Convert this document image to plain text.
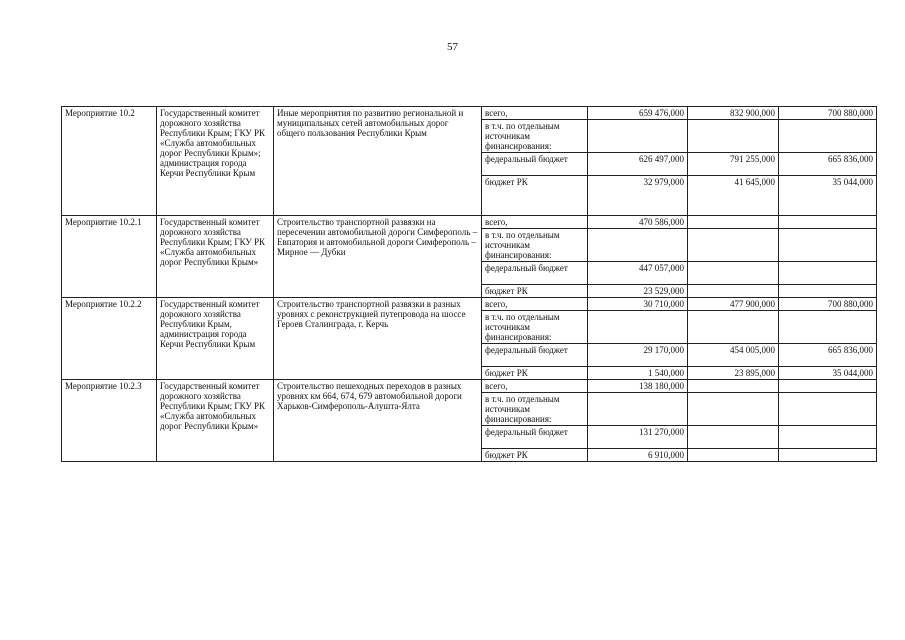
57
Мероприятие 10.2	Государственный комитет дорожного хозяйства Республики Крым; ГКУ РК «Служба автомобильных дорог Республики Крым»; администрация города Керчи Республики Крым	Иные мероприятия по развитию региональной и муниципальных сетей автомобильных дорог общего пользования Республики Крым	всего,	659 476,000	832 900,000	700 880,000
			в т.ч. по отдельным источникам финансирования:			
			федеральный бюджет	626 497,000	791 255,000	665 836,000
			бюджет РК	32 979,000	41 645,000	35 044,000
Мероприятие 10.2.1	Государственный комитет дорожного хозяйства Республики Крым; ГКУ РК «Служба автомобильных дорог Республики Крым»	Строительство транспортной развязки на пересечении автомобильной дороги Симферополь – Евпатория и автомобильной дороги Симферополь – Мирное — Дубки	всего,	470 586,000		
			в т.ч. по отдельным источникам финансирования:			
			федеральный бюджет	447 057,000		
			бюджет РК	23 529,000		
Мероприятие 10.2.2	Государственный комитет дорожного хозяйства Республики Крым, администрация города Керчи Республики Крым	Строительство транспортной развязки в разных уровнях с реконструкцией путепровода на шоссе Героев Сталинграда, г. Керчь	всего,	30 710,000	477 900,000	700 880,000
			в т.ч. по отдельным источникам финансирования:			
			федеральный бюджет	29 170,000	454 005,000	665 836,000
			бюджет РК	1 540,000	23 895,000	35 044,000
Мероприятие 10.2.3	Государственный комитет дорожного хозяйства Республики Крым; ГКУ РК «Служба автомобильных дорог Республики Крым»	Строительство пешеходных переходов в разных уровнях км 664, 674, 679 автомобильной дороги Харьков-Симферополь-Алушта-Ялта	всего,	138 180,000		
			в т.ч. по отдельным источникам финансирования:			
			федеральный бюджет	131 270,000		
			бюджет РК	6 910,000		
